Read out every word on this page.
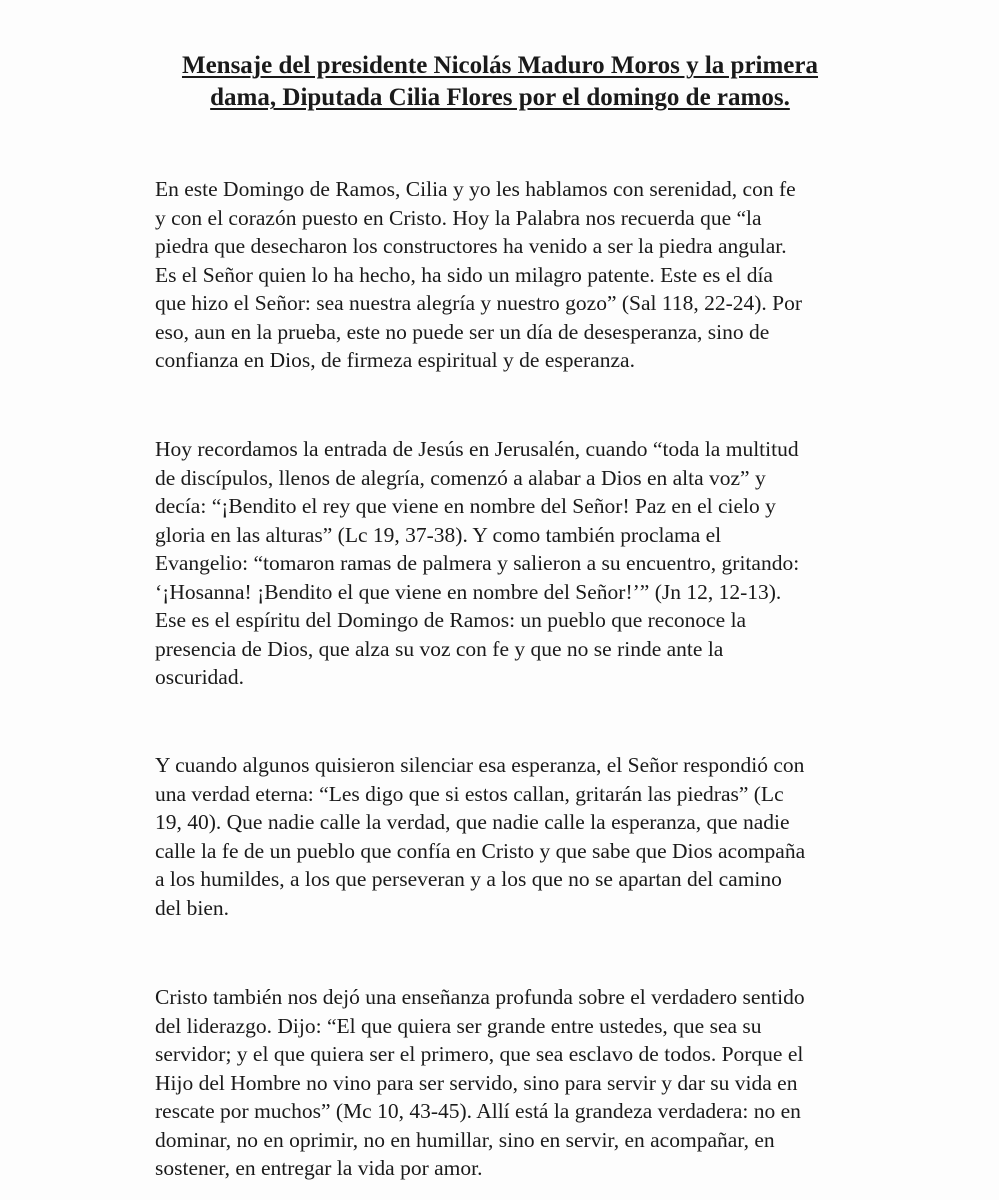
Mensaje del presidente Nicolás Maduro Moros y la primera
dama, Diputada Cilia Flores por el domingo de ramos.

En este Domingo de Ramos, Cilia y yo les hablamos con serenidad, con fe
y con el corazón puesto en Cristo. Hoy la Palabra nos recuerda que “la
piedra que desecharon los constructores ha venido a ser la piedra angular.
Es el Señor quien lo ha hecho, ha sido un milagro patente. Este es el día
que hizo el Señor: sea nuestra alegría y nuestro gozo” (Sal 118, 22-24). Por
eso, aun en la prueba, este no puede ser un día de desesperanza, sino de
confianza en Dios, de firmeza espiritual y de esperanza.

Hoy recordamos la entrada de Jesús en Jerusalén, cuando “toda la multitud
de discípulos, llenos de alegría, comenzó a alabar a Dios en alta voz” y
decía: “¡Bendito el rey que viene en nombre del Señor! Paz en el cielo y
gloria en las alturas” (Lc 19, 37-38). Y como también proclama el
Evangelio: “tomaron ramas de palmera y salieron a su encuentro, gritando:
‘¡Hosanna! ¡Bendito el que viene en nombre del Señor!’” (Jn 12, 12-13).
Ese es el espíritu del Domingo de Ramos: un pueblo que reconoce la
presencia de Dios, que alza su voz con fe y que no se rinde ante la
oscuridad.

Y cuando algunos quisieron silenciar esa esperanza, el Señor respondió con
una verdad eterna: “Les digo que si estos callan, gritarán las piedras” (Lc
19, 40). Que nadie calle la verdad, que nadie calle la esperanza, que nadie
calle la fe de un pueblo que confía en Cristo y que sabe que Dios acompaña
a los humildes, a los que perseveran y a los que no se apartan del camino
del bien.

Cristo también nos dejó una enseñanza profunda sobre el verdadero sentido
del liderazgo. Dijo: “El que quiera ser grande entre ustedes, que sea su
servidor; y el que quiera ser el primero, que sea esclavo de todos. Porque el
Hijo del Hombre no vino para ser servido, sino para servir y dar su vida en
rescate por muchos” (Mc 10, 43-45). Allí está la grandeza verdadera: no en
dominar, no en oprimir, no en humillar, sino en servir, en acompañar, en
sostener, en entregar la vida por amor.
